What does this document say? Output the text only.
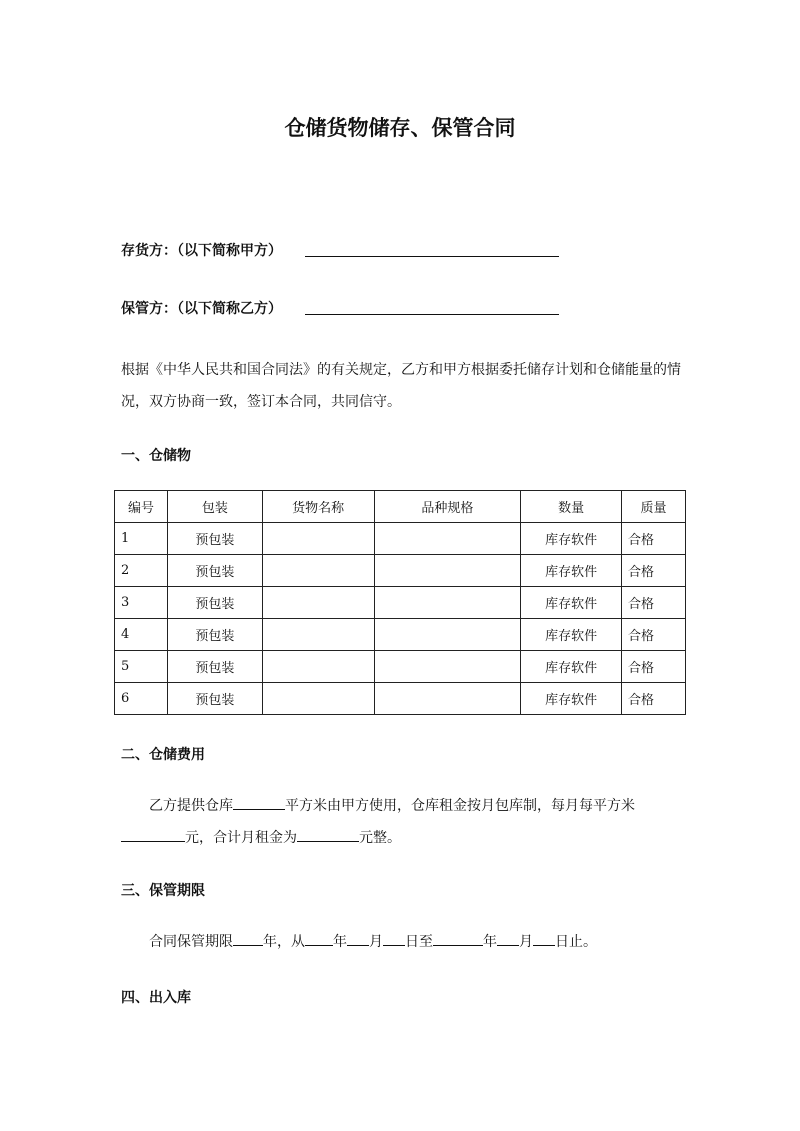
仓储货物储存、保管合同
存货方：（以下简称甲方）
保管方：（以下简称乙方）
根据《中华人民共和国合同法》的有关规定，乙方和甲方根据委托储存计划和仓储能量的情
况，双方协商一致，签订本合同，共同信守。
一、仓储物
编号	包装	货物名称	品种规格	数量	质量
1	预包装			库存软件	合格
2	预包装			库存软件	合格
3	预包装			库存软件	合格
4	预包装			库存软件	合格
5	预包装			库存软件	合格
6	预包装			库存软件	合格
二、仓储费用
乙方提供仓库	平方米由甲方使用，仓库租金按月包库制，每月每平方米
元，合计月租金为	元整。
三、保管期限
合同保管期限 年，从 年 月 日至	年 月 日止。
四、出入库
